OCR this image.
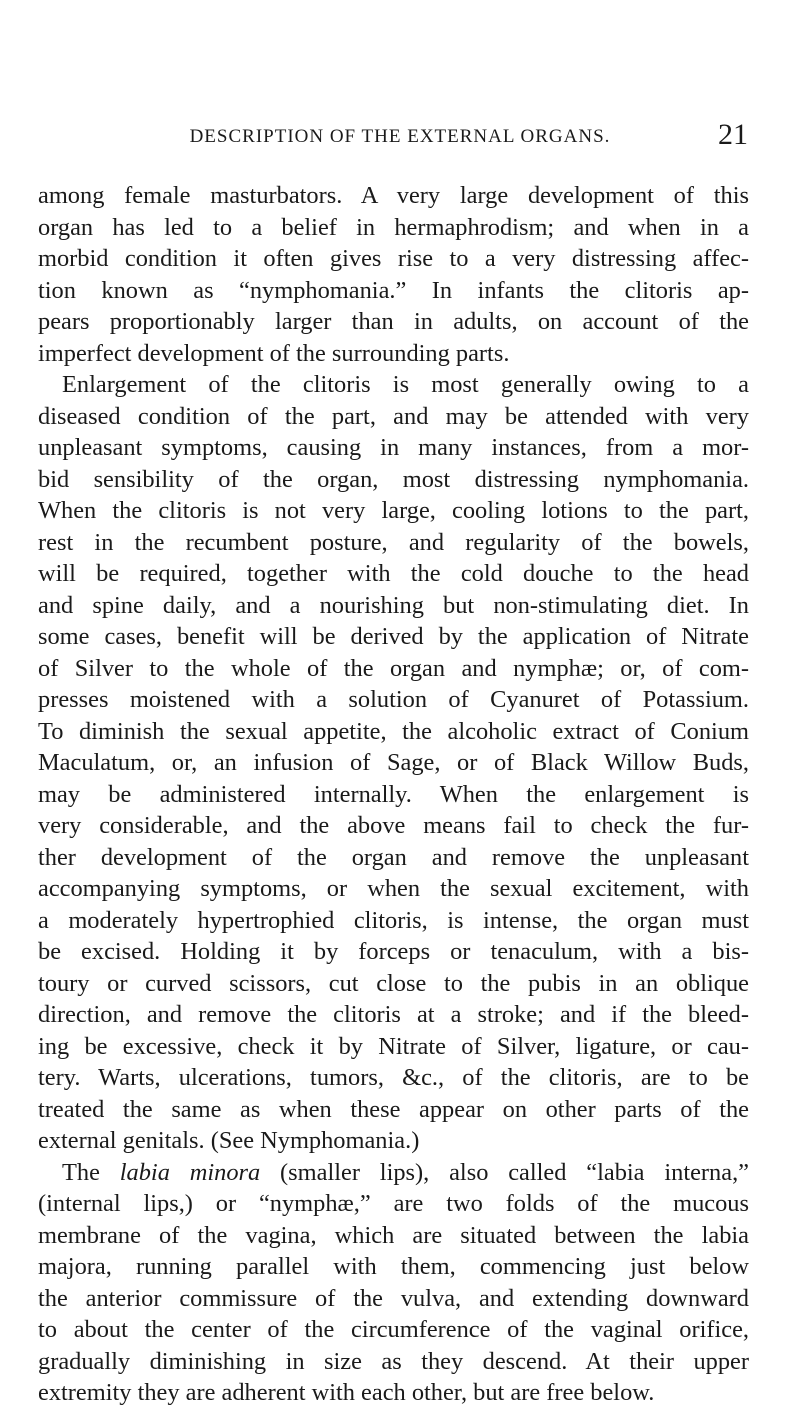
DESCRIPTION OF THE EXTERNAL ORGANS.	21
among female masturbators. A very large development of this
organ has led to a belief in hermaphrodism; and when in a
morbid condition it often gives rise to a very distressing affec-
tion known as “nymphomania.” In infants the clitoris ap-
pears proportionably larger than in adults, on account of the
imperfect development of the surrounding parts.
Enlargement of the clitoris is most generally owing to a
diseased condition of the part, and may be attended with very
unpleasant symptoms, causing in many instances, from a mor-
bid sensibility of the organ, most distressing nymphomania.
When the clitoris is not very large, cooling lotions to the part,
rest in the recumbent posture, and regularity of the bowels,
will be required, together with the cold douche to the head
and spine daily, and a nourishing but non-stimulating diet. In
some cases, benefit will be derived by the application of Nitrate
of Silver to the whole of the organ and nymphæ; or, of com-
presses moistened with a solution of Cyanuret of Potassium.
To diminish the sexual appetite, the alcoholic extract of Conium
Maculatum, or, an infusion of Sage, or of Black Willow Buds,
may be administered internally. When the enlargement is
very considerable, and the above means fail to check the fur-
ther development of the organ and remove the unpleasant
accompanying symptoms, or when the sexual excitement, with
a moderately hypertrophied clitoris, is intense, the organ must
be excised. Holding it by forceps or tenaculum, with a bis-
toury or curved scissors, cut close to the pubis in an oblique
direction, and remove the clitoris at a stroke; and if the bleed-
ing be excessive, check it by Nitrate of Silver, ligature, or cau-
tery. Warts, ulcerations, tumors, &c., of the clitoris, are to be
treated the same as when these appear on other parts of the
external genitals. (See Nymphomania.)
The labia minora (smaller lips), also called “labia interna,”
(internal lips,) or “nymphæ,” are two folds of the mucous
membrane of the vagina, which are situated between the labia
majora, running parallel with them, commencing just below
the anterior commissure of the vulva, and extending downward
to about the center of the circumference of the vaginal orifice,
gradually diminishing in size as they descend. At their upper
extremity they are adherent with each other, but are free below.
